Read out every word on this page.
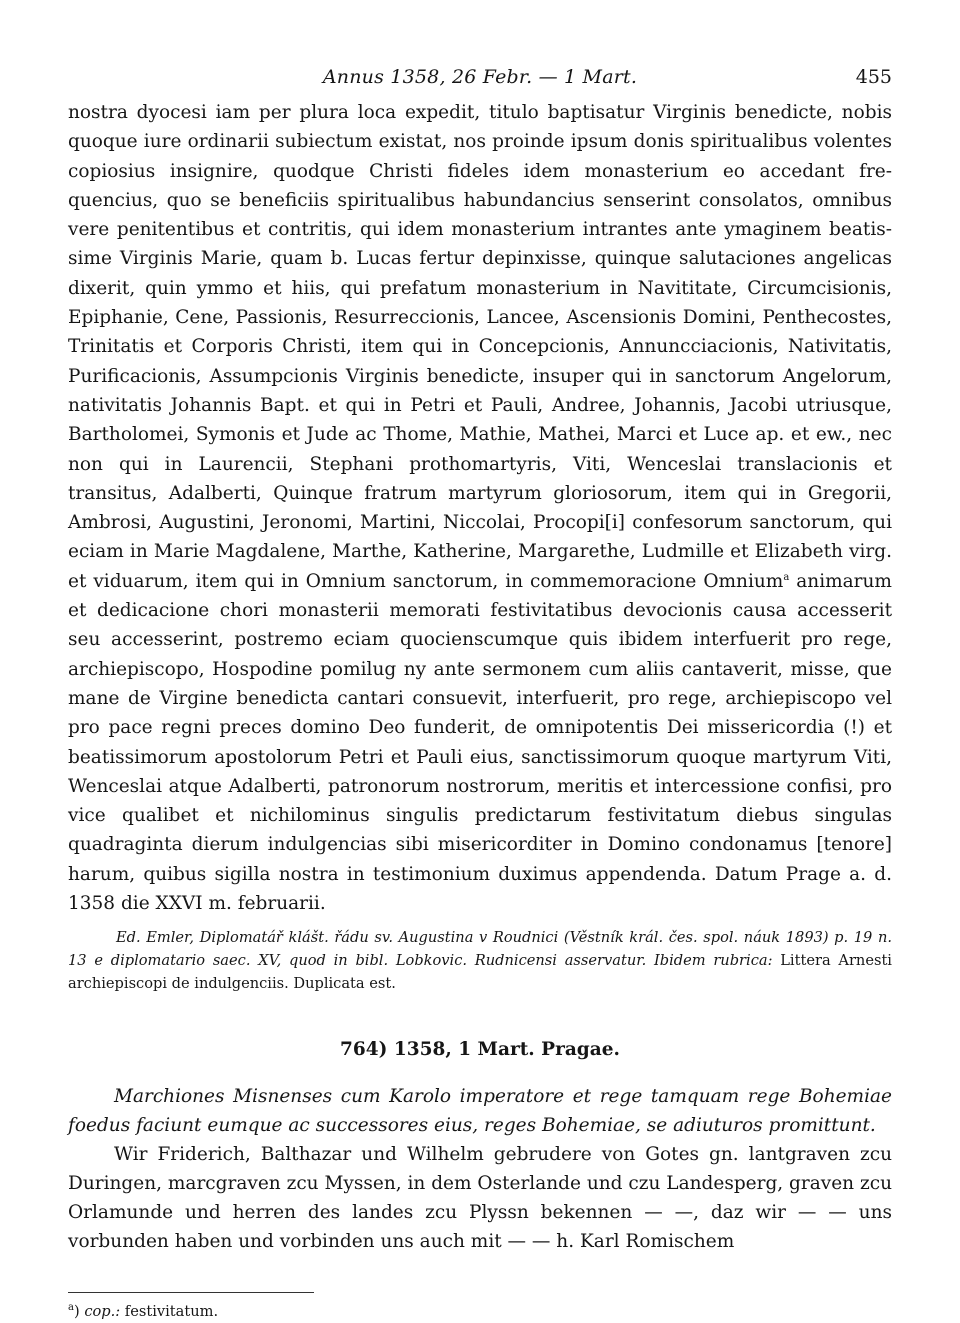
Annus 1358, 26 Febr. — 1 Mart.	455

nostra dyocesi iam per plura loca expedit, titulo baptisatur Virginis benedicte, nobis quoque iure ordinarii subiectum existat, nos proinde ipsum donis spiritualibus volentes copiosius insignire, quodque Christi fideles idem monasterium eo accedant frequencius, quo se beneficiis spiritualibus habundancius senserint consolatos, omnibus vere penitentibus et contritis, qui idem monasterium intrantes ante ymaginem beatissime Virginis Marie, quam b. Lucas fertur depinxisse, quinque salutaciones angelicas dixerit, quin ymmo et hiis, qui prefatum monasterium in Navititate, Circumcisionis, Epiphanie, Cene, Passionis, Resurreccionis, Lancee, Ascensionis Domini, Penthecostes, Trinitatis et Corporis Christi, item qui in Concepcionis, Annuncciacionis, Nativitatis, Purificacionis, Assumpcionis Virginis benedicte, insuper qui in sanctorum Angelorum, nativitatis Johannis Bapt. et qui in Petri et Pauli, Andree, Johannis, Jacobi utriusque, Bartholomei, Symonis et Jude ac Thome, Mathie, Mathei, Marci et Luce ap. et ew., nec non qui in Laurencii, Stephani prothomartyris, Viti, Wenceslai translacionis et transitus, Adalberti, Quinque fratrum martyrum gloriosorum, item qui in Gregorii, Ambrosi, Augustini, Jeronomi, Martini, Niccolai, Procopi[i] confesorum sanctorum, qui eciam in Marie Magdalene, Marthe, Katherine, Margarethe, Ludmille et Elizabeth virg. et viduarum, item qui in Omnium sanctorum, in commemoracione Omnium$^a$ animarum et dedicacione chori monasterii memorati festivitatibus devocionis causa accesserit seu accesserint, postremo eciam quocienscumque quis ibidem interfuerit pro rege, archiepiscopo, Hospodine pomilug ny ante sermonem cum aliis cantaverit, misse, que mane de Virgine benedicta cantari consuevit, interfuerit, pro rege, archiepiscopo vel pro pace regni preces domino Deo funderit, de omnipotentis Dei missericordia (!) et beatissimorum apostolorum Petri et Pauli eius, sanctissimorum quoque martyrum Viti, Wenceslai atque Adalberti, patronorum nostrorum, meritis et intercessione confisi, pro vice qualibet et nichilominus singulis predictarum festivitatum diebus singulas quadraginta dierum indulgencias sibi misericorditer in Domino condonamus [tenore] harum, quibus sigilla nostra in testimonium duximus appendenda. Datum Prage a. d. 1358 die XXVI m. februarii.

Ed. Emler, Diplomatář klášt. řádu sv. Augustina v Roudnici (Věstník král. čes. spol. náuk 1893) p. 19 n. 13 e diplomatario saec. XV, quod in bibl. Lobkovic. Rudnicensi asservatur. Ibidem rubrica: Littera Arnesti archiepiscopi de indulgenciis. Duplicata est.

764) 1358, 1 Mart. Pragae.

Marchiones Misnenses cum Karolo imperatore et rege tamquam rege Bohemiae foedus faciunt eumque ac successores eius, reges Bohemiae, se adiuturos promittunt.

Wir Friderich, Balthazar und Wilhelm gebrudere von Gotes gn. lantgraven zcu Duringen, marcgraven zcu Myssen, in dem Osterlande und czu Landesperg, graven zcu Orlamunde und herren des landes zcu Plyssn bekennen — —, daz wir — — uns vorbunden haben und vorbinden uns auch mit — — h. Karl Romischem

$^a$) cop.: festivitatum.
